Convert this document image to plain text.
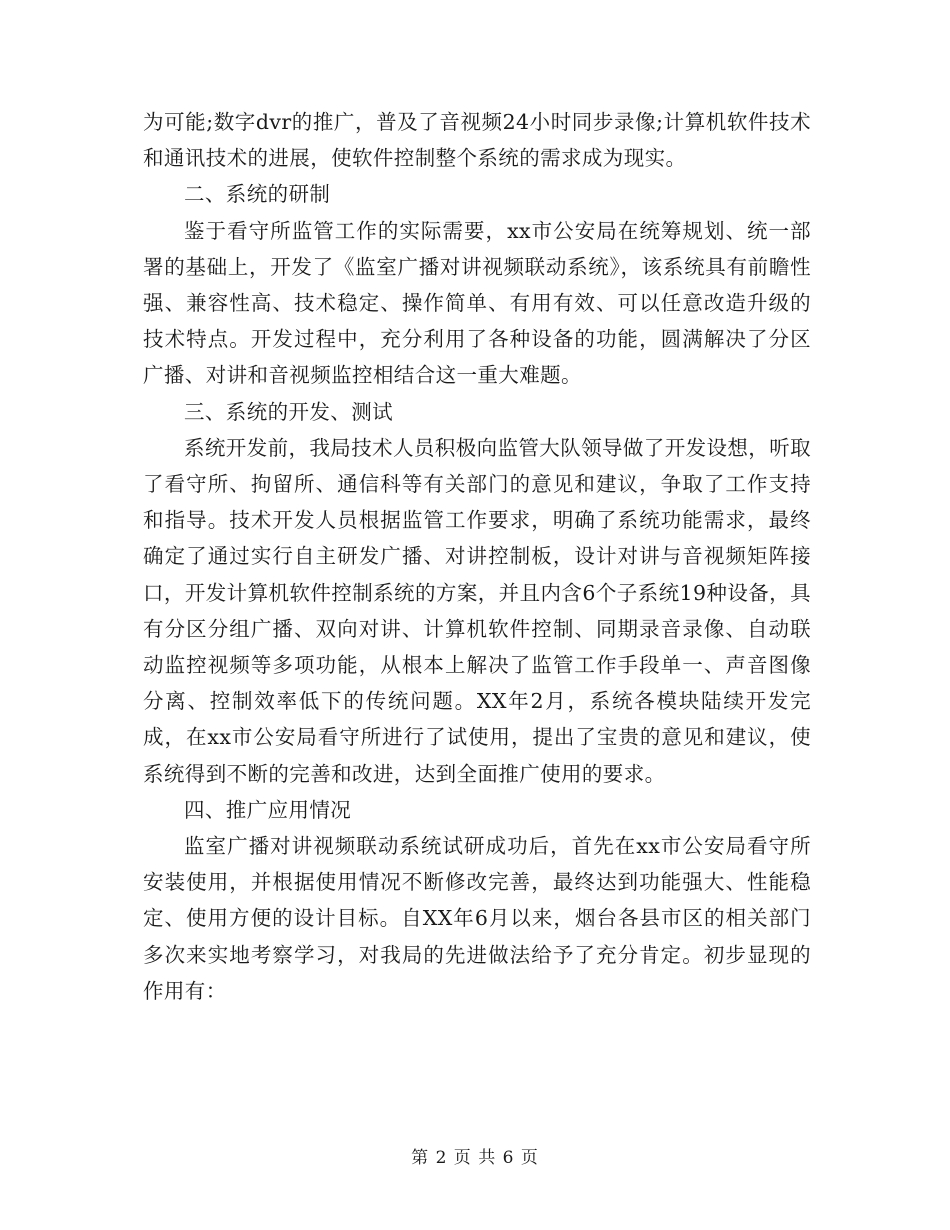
为可能;数字dvr的推广，普及了音视频24小时同步录像;计算机软件技术和通讯技术的进展，使软件控制整个系统的需求成为现实。

二、系统的研制

鉴于看守所监管工作的实际需要，xx市公安局在统筹规划、统一部署的基础上，开发了《监室广播对讲视频联动系统》，该系统具有前瞻性强、兼容性高、技术稳定、操作简单、有用有效、可以任意改造升级的技术特点。开发过程中，充分利用了各种设备的功能，圆满解决了分区广播、对讲和音视频监控相结合这一重大难题。

三、系统的开发、测试

系统开发前，我局技术人员积极向监管大队领导做了开发设想，听取了看守所、拘留所、通信科等有关部门的意见和建议，争取了工作支持和指导。技术开发人员根据监管工作要求，明确了系统功能需求，最终确定了通过实行自主研发广播、对讲控制板，设计对讲与音视频矩阵接口，开发计算机软件控制系统的方案，并且内含6个子系统19种设备，具有分区分组广播、双向对讲、计算机软件控制、同期录音录像、自动联动监控视频等多项功能，从根本上解决了监管工作手段单一、声音图像分离、控制效率低下的传统问题。XX年2月，系统各模块陆续开发完成，在xx市公安局看守所进行了试使用，提出了宝贵的意见和建议，使系统得到不断的完善和改进，达到全面推广使用的要求。

四、推广应用情况

监室广播对讲视频联动系统试研成功后，首先在xx市公安局看守所安装使用，并根据使用情况不断修改完善，最终达到功能强大、性能稳定、使用方便的设计目标。自XX年6月以来，烟台各县市区的相关部门多次来实地考察学习，对我局的先进做法给予了充分肯定。初步显现的作用有：

第 2 页 共 6 页
